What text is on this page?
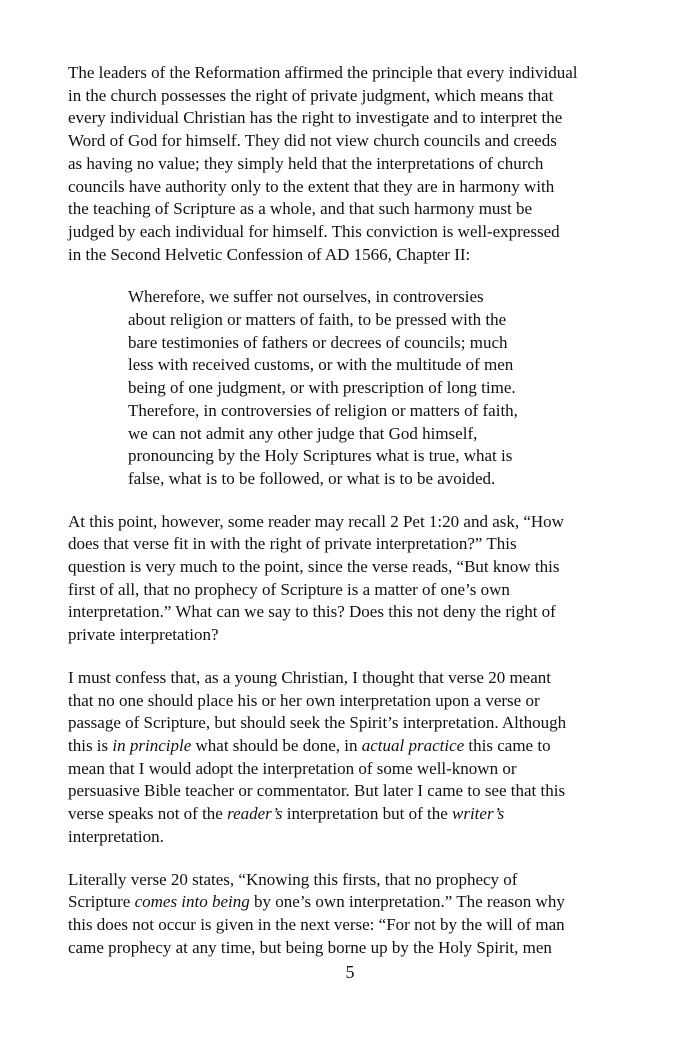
The leaders of the Reformation affirmed the principle that every individual
in the church possesses the right of private judgment, which means that
every individual Christian has the right to investigate and to interpret the
Word of God for himself. They did not view church councils and creeds
as having no value; they simply held that the interpretations of church
councils have authority only to the extent that they are in harmony with
the teaching of Scripture as a whole, and that such harmony must be
judged by each individual for himself. This conviction is well-expressed
in the Second Helvetic Confession of AD 1566, Chapter II:
Wherefore, we suffer not ourselves, in controversies
about religion or matters of faith, to be pressed with the
bare testimonies of fathers or decrees of councils; much
less with received customs, or with the multitude of men
being of one judgment, or with prescription of long time.
Therefore, in controversies of religion or matters of faith,
we can not admit any other judge that God himself,
pronouncing by the Holy Scriptures what is true, what is
false, what is to be followed, or what is to be avoided.
At this point, however, some reader may recall 2 Pet 1:20 and ask, “How
does that verse fit in with the right of private interpretation?” This
question is very much to the point, since the verse reads, “But know this
first of all, that no prophecy of Scripture is a matter of one’s own
interpretation.” What can we say to this? Does this not deny the right of
private interpretation?
I must confess that, as a young Christian, I thought that verse 20 meant
that no one should place his or her own interpretation upon a verse or
passage of Scripture, but should seek the Spirit’s interpretation. Although
this is in principle what should be done, in actual practice this came to
mean that I would adopt the interpretation of some well-known or
persuasive Bible teacher or commentator. But later I came to see that this
verse speaks not of the reader’s interpretation but of the writer’s
interpretation.
Literally verse 20 states, “Knowing this firsts, that no prophecy of
Scripture comes into being by one’s own interpretation.” The reason why
this does not occur is given in the next verse: “For not by the will of man
came prophecy at any time, but being borne up by the Holy Spirit, men
5
